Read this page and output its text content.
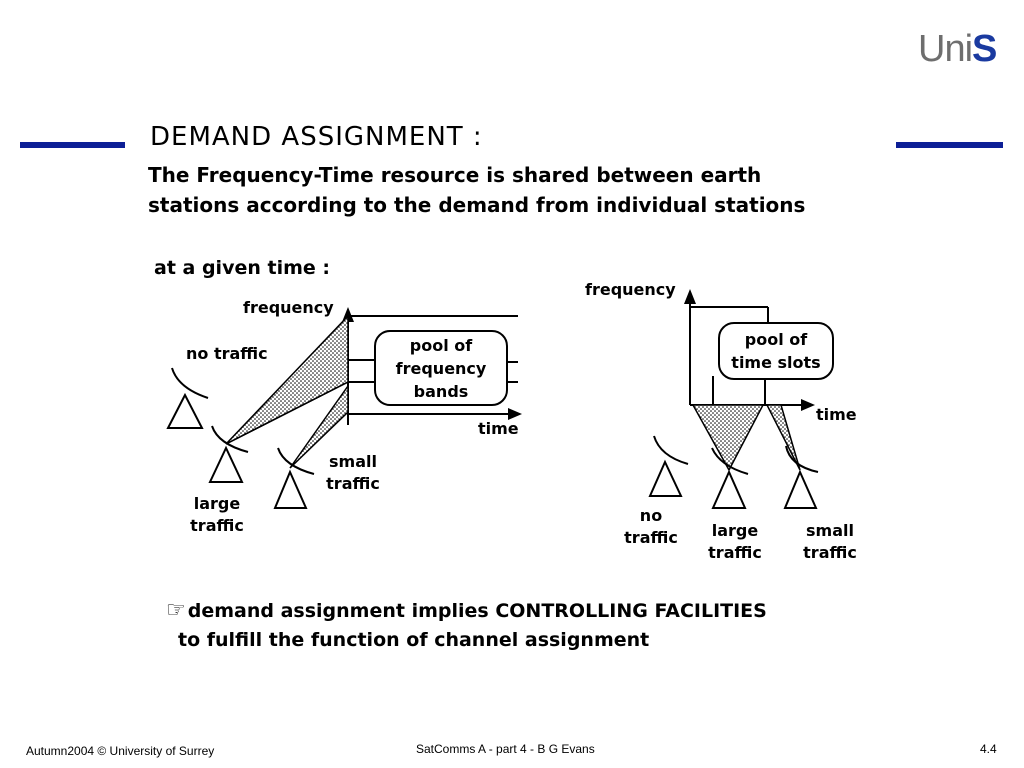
UniS
DEMAND ASSIGNMENT :
The Frequency-Time resource is shared between earth
stations according to the demand from individual stations
at a given time :
frequency
time
pool of
frequency
bands
no traffic
large
traffic
small
traffic
frequency
time
pool of
time slots
no
traffic	large
traffic
small
traffic
☞ demand assignment implies CONTROLLING FACILITIES
to fulfill the function of channel assignment
Autumn2004 © University of Surrey	SatComms A - part 4 - B G Evans	4.4
